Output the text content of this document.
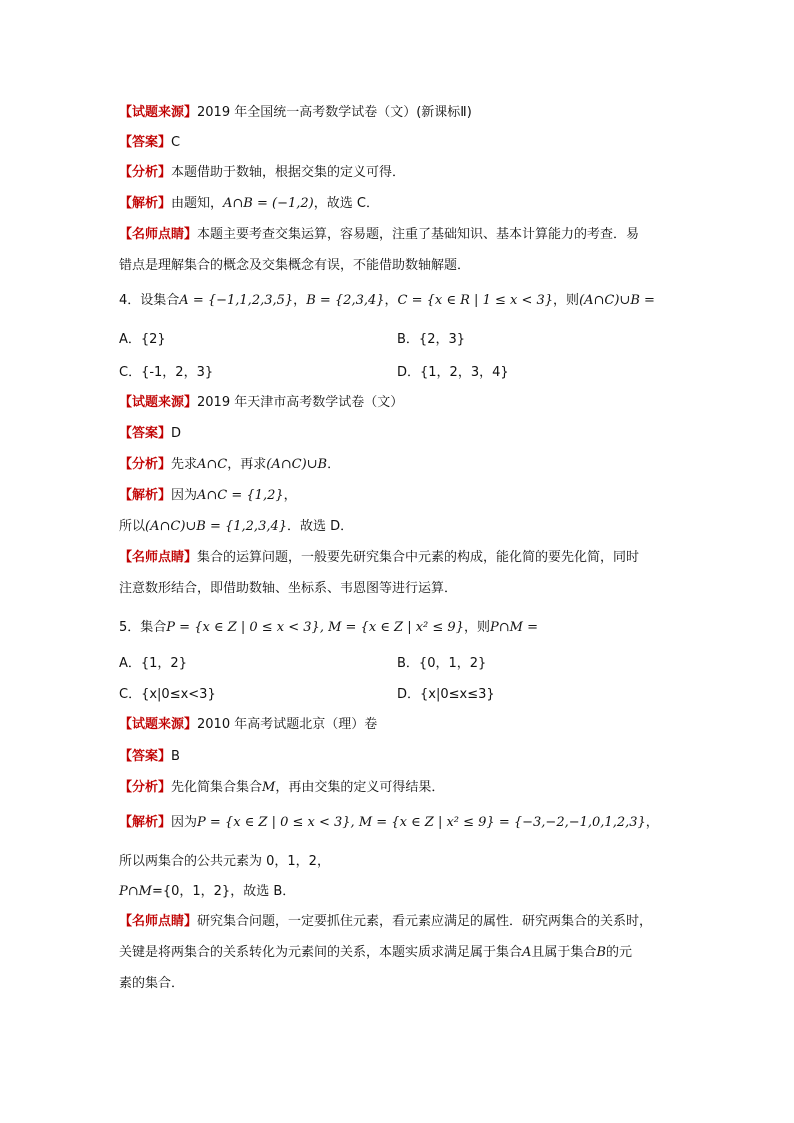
【试题来源】2019 年全国统一高考数学试卷（文）(新课标Ⅱ)
【答案】C
【分析】本题借助于数轴，根据交集的定义可得．
【解析】由题知，A∩B = (−1,2)，故选 C．
【名师点睛】本题主要考查交集运算，容易题，注重了基础知识、基本计算能力的考查．易
错点是理解集合的概念及交集概念有误，不能借助数轴解题．
4．设集合A = {−1,1,2,3,5}，B = {2,3,4}，C = {x ∈ R | 1 ≤ x < 3}，则(A∩C)∪B =
A．{2}	B．{2，3}
C．{-1，2，3}	D．{1，2，3，4}
【试题来源】2019 年天津市高考数学试卷（文）
【答案】D
【分析】先求A∩C，再求(A∩C)∪B．
【解析】因为A∩C = {1,2}，
所以(A∩C)∪B = {1,2,3,4}．故选 D．
【名师点睛】集合的运算问题，一般要先研究集合中元素的构成，能化简的要先化简，同时
注意数形结合，即借助数轴、坐标系、韦恩图等进行运算．
5．集合P = {x ∈ Z | 0 ≤ x < 3}, M = {x ∈ Z | x² ≤ 9}，则P∩M =
A．{1，2}	B．{0，1，2}
C．{x|0≤x<3}	D．{x|0≤x≤3}
【试题来源】2010 年高考试题北京（理）卷
【答案】B
【分析】先化简集合集合M，再由交集的定义可得结果．
【解析】因为P = {x ∈ Z | 0 ≤ x < 3}, M = {x ∈ Z | x² ≤ 9} = {−3,−2,−1,0,1,2,3}，
所以两集合的公共元素为 0，1，2，
P∩M={0，1，2}，故选 B．
【名师点睛】研究集合问题，一定要抓住元素，看元素应满足的属性．研究两集合的关系时，
关键是将两集合的关系转化为元素间的关系，本题实质求满足属于集合A且属于集合B的元
素的集合．
